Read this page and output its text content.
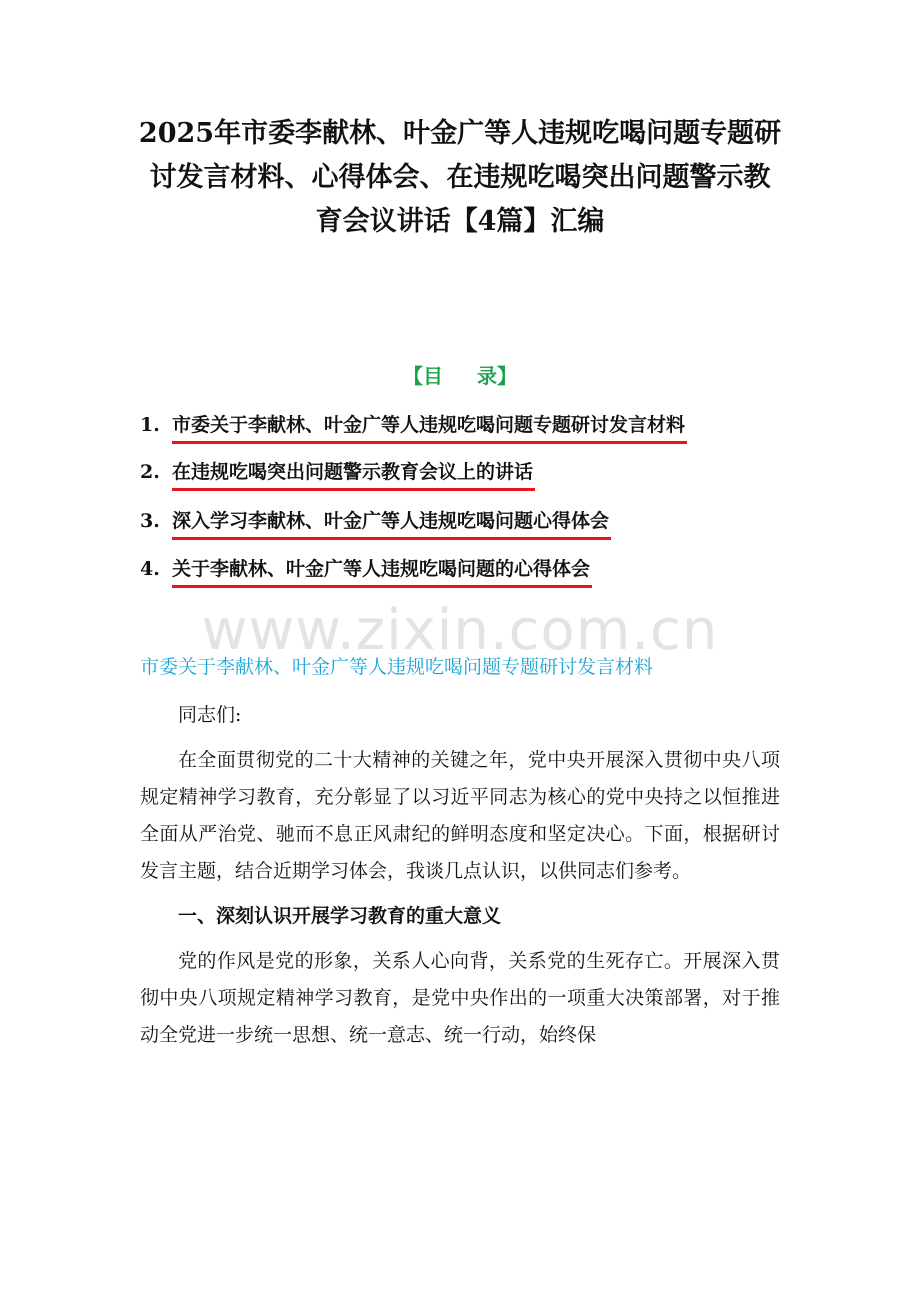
2025年市委李献林、叶金广等人违规吃喝问题专题研
讨发言材料、心得体会、在违规吃喝突出问题警示教
育会议讲话【4篇】汇编
【目 录】
1. 市委关于李献林、叶金广等人违规吃喝问题专题研讨发言材料
2. 在违规吃喝突出问题警示教育会议上的讲话
3. 深入学习李献林、叶金广等人违规吃喝问题心得体会
4. 关于李献林、叶金广等人违规吃喝问题的心得体会
www.zixin.com.cn
市委关于李献林、叶金广等人违规吃喝问题专题研讨发言材料

同志们:

在全面贯彻党的二十大精神的关键之年，党中央开展深入贯彻中央八项规定精神学习教育，充分彰显了以习近平同志为核心的党中央持之以恒推进全面从严治党、驰而不息正风肃纪的鲜明态度和坚定决心。下面，根据研讨发言主题，结合近期学习体会，我谈几点认识，以供同志们参考。

一、深刻认识开展学习教育的重大意义

党的作风是党的形象，关系人心向背，关系党的生死存亡。开展深入贯彻中央八项规定精神学习教育，是党中央作出的一项重大决策部署，对于推动全党进一步统一思想、统一意志、统一行动，始终保
